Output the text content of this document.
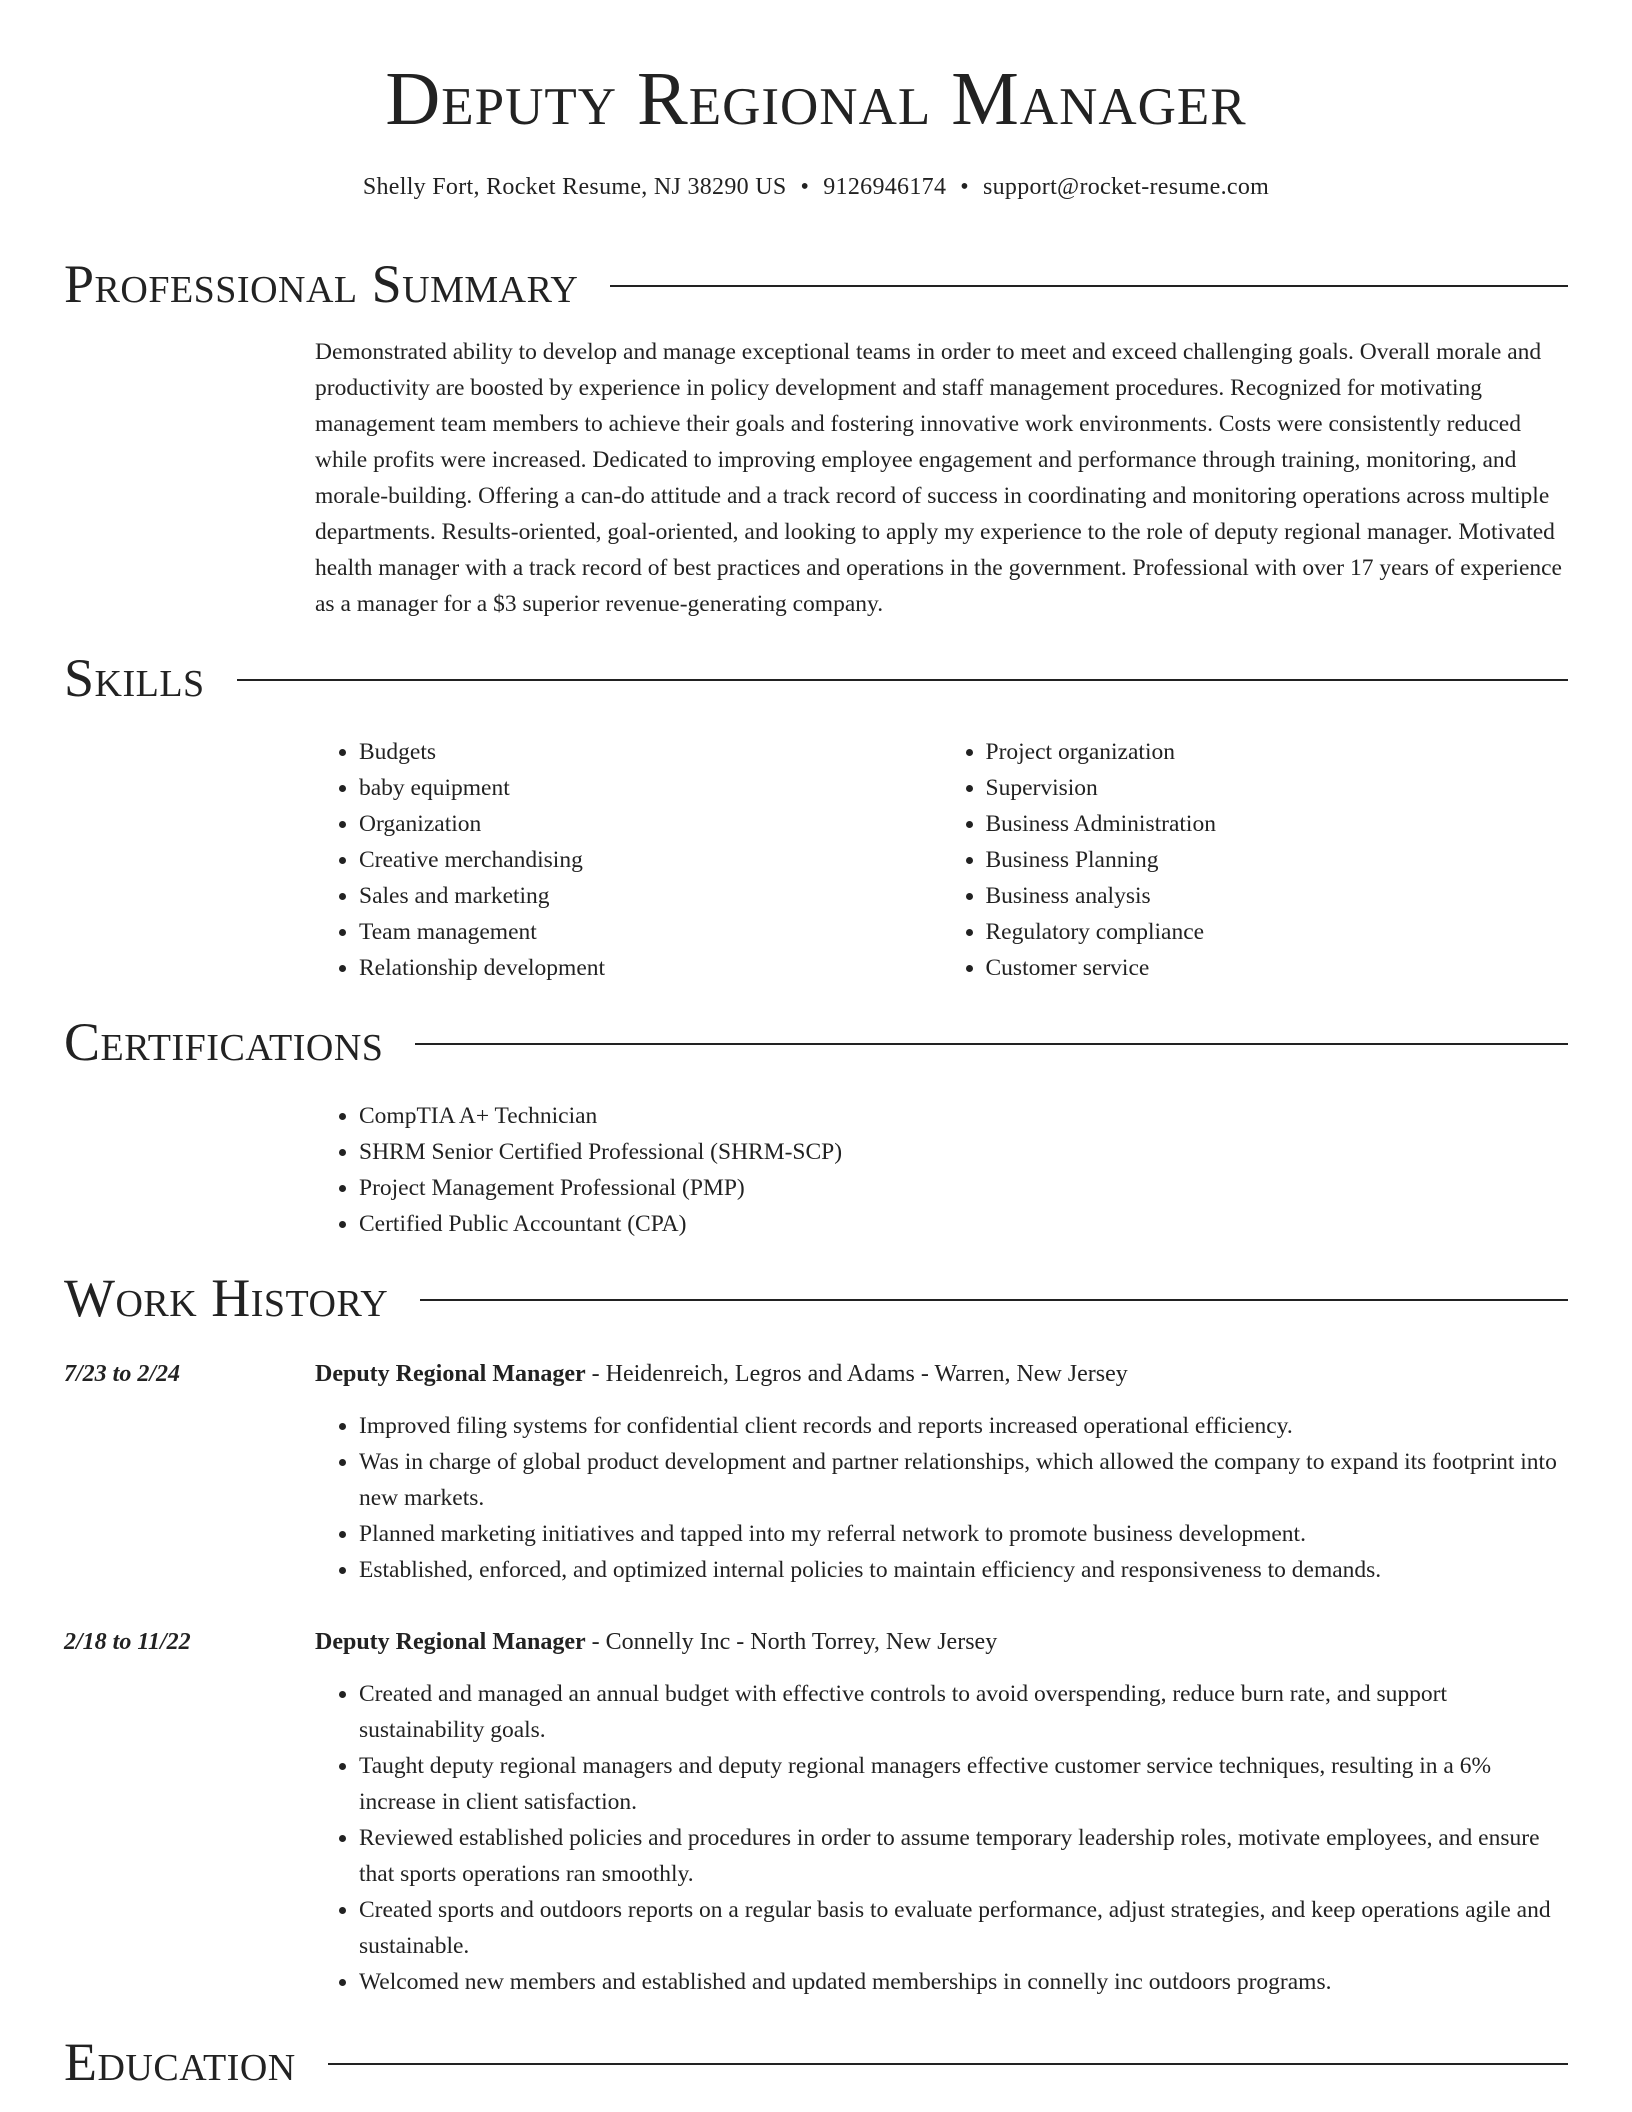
Deputy Regional Manager
Shelly Fort, Rocket Resume, NJ 38290 US • 9126946174 • support@rocket-resume.com
Professional Summary
Demonstrated ability to develop and manage exceptional teams in order to meet and exceed challenging goals. Overall morale and productivity are boosted by experience in policy development and staff management procedures. Recognized for motivating management team members to achieve their goals and fostering innovative work environments. Costs were consistently reduced while profits were increased. Dedicated to improving employee engagement and performance through training, monitoring, and morale-building. Offering a can-do attitude and a track record of success in coordinating and monitoring operations across multiple departments. Results-oriented, goal-oriented, and looking to apply my experience to the role of deputy regional manager. Motivated health manager with a track record of best practices and operations in the government. Professional with over 17 years of experience as a manager for a $3 superior revenue-generating company.
Skills
• Budgets
• baby equipment
• Organization
• Creative merchandising
• Sales and marketing
• Team management
• Relationship development
• Project organization
• Supervision
• Business Administration
• Business Planning
• Business analysis
• Regulatory compliance
• Customer service
Certifications
• CompTIA A+ Technician
• SHRM Senior Certified Professional (SHRM-SCP)
• Project Management Professional (PMP)
• Certified Public Accountant (CPA)
Work History
7/23 to 2/24	Deputy Regional Manager - Heidenreich, Legros and Adams - Warren, New Jersey
• Improved filing systems for confidential client records and reports increased operational efficiency.
• Was in charge of global product development and partner relationships, which allowed the company to expand its footprint into new markets.
• Planned marketing initiatives and tapped into my referral network to promote business development.
• Established, enforced, and optimized internal policies to maintain efficiency and responsiveness to demands.
2/18 to 11/22	Deputy Regional Manager - Connelly Inc - North Torrey, New Jersey
• Created and managed an annual budget with effective controls to avoid overspending, reduce burn rate, and support sustainability goals.
• Taught deputy regional managers and deputy regional managers effective customer service techniques, resulting in a 6% increase in client satisfaction.
• Reviewed established policies and procedures in order to assume temporary leadership roles, motivate employees, and ensure that sports operations ran smoothly.
• Created sports and outdoors reports on a regular basis to evaluate performance, adjust strategies, and keep operations agile and sustainable.
• Welcomed new members and established and updated memberships in connelly inc outdoors programs.
Education
